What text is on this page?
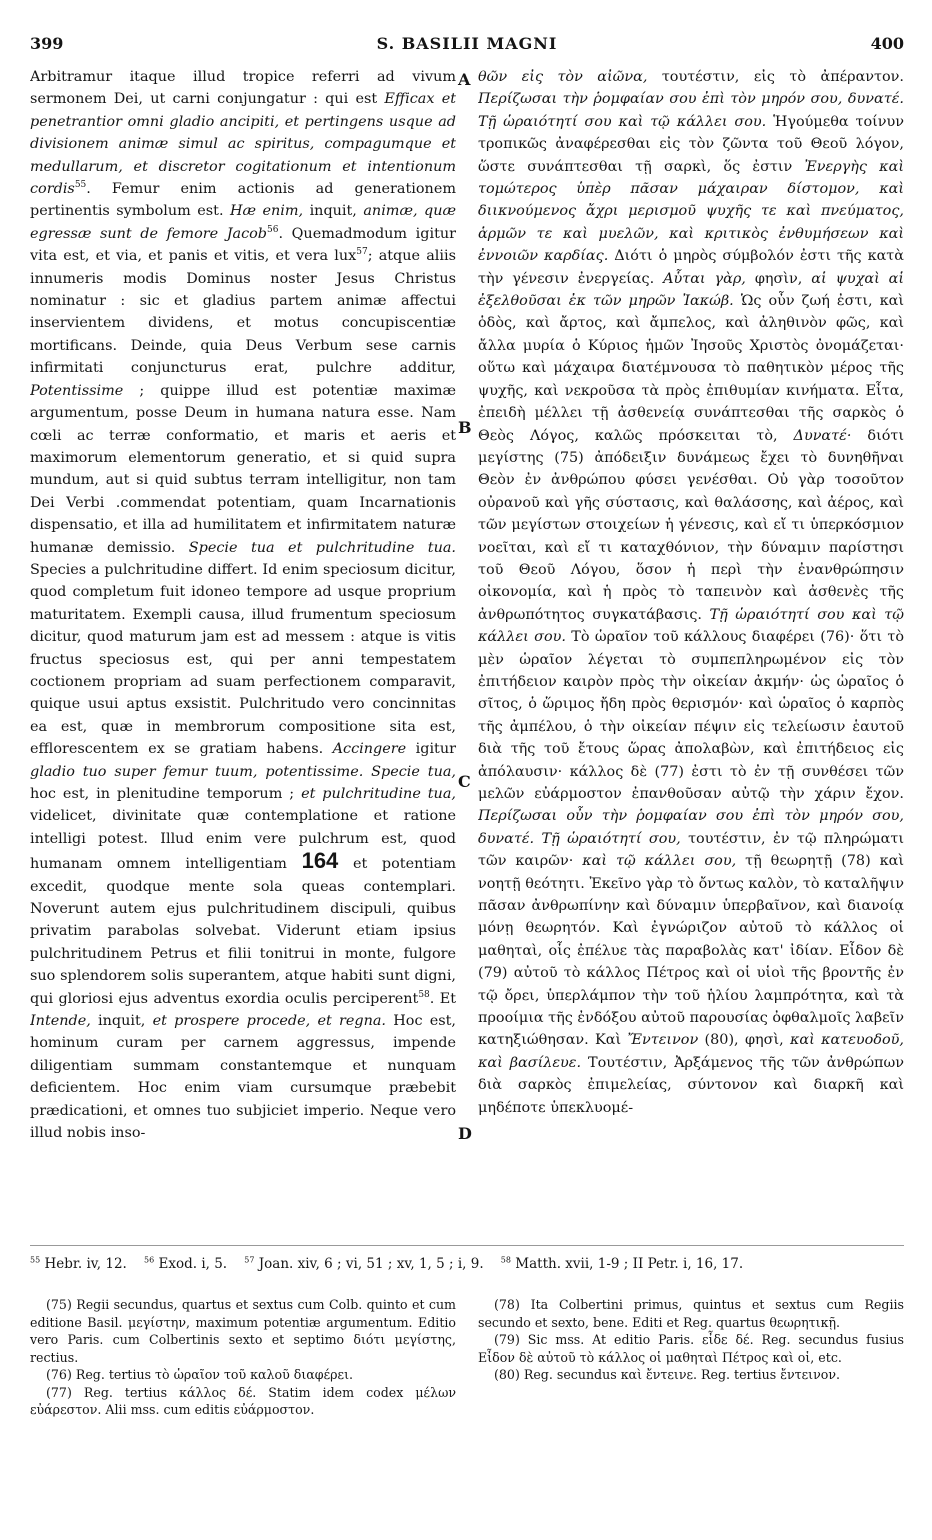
399	S. BASILII MAGNI	400

Arbitramur itaque illud tropice referri ad vivum sermonem Dei, ut carni conjungatur : qui est Efficax et penetrantior omni gladio ancipiti, et pertingens usque ad divisionem animæ simul ac spiritus, compagumque et medullarum, et discretor cogitationum et intentionum cordis$^{55}$. Femur enim actionis ad generationem pertinentis symbolum est. Hæ enim, inquit, animæ, quæ egressæ sunt de femore Jacob$^{56}$. Quemadmodum igitur vita est, et via, et panis et vitis, et vera lux$^{57}$; atque aliis innumeris modis Dominus noster Jesus Christus nominatur : sic et gladius partem animæ affectui inservientem dividens, et motus concupiscentiæ mortificans. Deinde, quia Deus Verbum sese carnis infirmitati conjuncturus erat, pulchre additur, Potentissime ; quippe illud est potentiæ maximæ argumentum, posse Deum in humana natura esse. Nam cœli ac terræ conformatio, et maris et aeris et maximorum elementorum generatio, et si quid supra mundum, aut si quid subtus terram intelligitur, non tam Dei Verbi .commendat potentiam, quam Incarnationis dispensatio, et illa ad humilitatem et infirmitatem naturæ humanæ demissio. Specie tua et pulchritudine tua. Species a pulchritudine differt. Id enim speciosum dicitur, quod completum fuit idoneo tempore ad usque proprium maturitatem. Exempli causa, illud frumentum speciosum dicitur, quod maturum jam est ad messem : atque is vitis fructus speciosus est, qui per anni tempestatem coctionem propriam ad suam perfectionem comparavit, quique usui aptus exsistit. Pulchritudo vero concinnitas ea est, quæ in membrorum compositione sita est, efflorescentem ex se gratiam habens. Accingere igitur gladio tuo super femur tuum, potentissime. Specie tua, hoc est, in plenitudine temporum ; et pulchritudine tua, videlicet, divinitate quæ contemplatione et ratione intelligi potest. Illud enim vere pulchrum est, quod humanam omnem intelligentiam 164 et potentiam excedit, quodque mente sola queas contemplari. Noverunt autem ejus pulchritudinem discipuli, quibus privatim parabolas solvebat. Viderunt etiam ipsius pulchritudinem Petrus et filii tonitrui in monte, fulgore suo splendorem solis superantem, atque habiti sunt digni, qui gloriosi ejus adventus exordia oculis perciperent$^{58}$. Et Intende, inquit, et prospere procede, et regna. Hoc est, hominum curam per carnem aggressus, impende diligentiam summam constantemque et nunquam deficientem. Hoc enim viam cursumque præbebit prædicationi, et omnes tuo subjiciet imperio. Neque vero illud nobis inso-

A
B
C
D

θῶν εἰς τὸν αἰῶνα, τουτέστιν, εἰς τὸ ἀπέραντον. Περίζωσαι τὴν ῥομφαίαν σου ἐπὶ τὸν μηρόν σου, δυνατέ. Τῇ ὡραιότητί σου καὶ τῷ κάλλει σου. Ἡγούμεθα τοίνυν τροπικῶς ἀναφέρεσθαι εἰς τὸν ζῶντα τοῦ Θεοῦ λόγον, ὥστε συνάπτεσθαι τῇ σαρκὶ, ὅς ἐστιν Ἐνεργὴς καὶ τομώτερος ὑπὲρ πᾶσαν μάχαιραν δίστομον, καὶ διικνούμενος ἄχρι μερισμοῦ ψυχῆς τε καὶ πνεύματος, ἁρμῶν τε καὶ μυελῶν, καὶ κριτικὸς ἐνθυμήσεων καὶ ἐννοιῶν καρδίας. Διότι ὁ μηρὸς σύμβολόν ἐστι τῆς κατὰ τὴν γένεσιν ἐνεργείας. Αὗται γὰρ, φησὶν, αἱ ψυχαὶ αἱ ἐξελθοῦσαι ἐκ τῶν μηρῶν Ἰακώβ. Ὡς οὖν ζωή ἐστι, καὶ ὁδὸς, καὶ ἄρτος, καὶ ἄμπελος, καὶ ἀληθινὸν φῶς, καὶ ἄλλα μυρία ὁ Κύριος ἡμῶν Ἰησοῦς Χριστὸς ὀνομάζεται· οὕτω καὶ μάχαιρα διατέμνουσα τὸ παθητικὸν μέρος τῆς ψυχῆς, καὶ νεκροῦσα τὰ πρὸς ἐπιθυμίαν κινήματα. Εἶτα, ἐπειδὴ μέλλει τῇ ἀσθενείᾳ συνάπτεσθαι τῆς σαρκὸς ὁ Θεὸς Λόγος, καλῶς πρόσκειται τὸ, Δυνατέ· διότι μεγίστης (75) ἀπόδειξιν δυνάμεως ἔχει τὸ δυνηθῆναι Θεὸν ἐν ἀνθρώπου φύσει γενέσθαι. Οὐ γὰρ τοσοῦτον οὐρανοῦ καὶ γῆς σύστασις, καὶ θαλάσσης, καὶ ἀέρος, καὶ τῶν μεγίστων στοιχείων ἡ γένεσις, καὶ εἴ τι ὑπερκόσμιον νοεῖται, καὶ εἴ τι καταχθόνιον, τὴν δύναμιν παρίστησι τοῦ Θεοῦ Λόγου, ὅσον ἡ περὶ τὴν ἐνανθρώπησιν οἰκονομία, καὶ ἡ πρὸς τὸ ταπεινὸν καὶ ἀσθενὲς τῆς ἀνθρωπότητος συγκατάβασις. Τῇ ὡραιότητί σου καὶ τῷ κάλλει σου. Τὸ ὡραῖον τοῦ κάλλους διαφέρει (76)· ὅτι τὸ μὲν ὡραῖον λέγεται τὸ συμπεπληρωμένον εἰς τὸν ἐπιτήδειον καιρὸν πρὸς τὴν οἰκείαν ἀκμήν· ὡς ὡραῖος ὁ σῖτος, ὁ ὥριμος ἤδη πρὸς θερισμόν· καὶ ὡραῖος ὁ καρπὸς τῆς ἀμπέλου, ὁ τὴν οἰκείαν πέψιν εἰς τελείωσιν ἑαυτοῦ διὰ τῆς τοῦ ἔτους ὥρας ἀπολαβὼν, καὶ ἐπιτήδειος εἰς ἀπόλαυσιν· κάλλος δὲ (77) ἐστι τὸ ἐν τῇ συνθέσει τῶν μελῶν εὐάρμοστον ἐπανθοῦσαν αὐτῷ τὴν χάριν ἔχον. Περίζωσαι οὖν τὴν ῥομφαίαν σου ἐπὶ τὸν μηρόν σου, δυνατέ. Τῇ ὡραιότητί σου, τουτέστιν, ἐν τῷ πληρώματι τῶν καιρῶν· καὶ τῷ κάλλει σου, τῇ θεωρητῇ (78) καὶ νοητῇ θεότητι. Ἐκεῖνο γὰρ τὸ ὄντως καλὸν, τὸ καταλῆψιν πᾶσαν ἀνθρωπίνην καὶ δύναμιν ὑπερβαῖνον, καὶ διανοίᾳ μόνῃ θεωρητόν. Καὶ ἐγνώριζον αὐτοῦ τὸ κάλλος οἱ μαθηταὶ, οἷς ἐπέλυε τὰς παραβολὰς κατ' ἰδίαν. Εἶδον δὲ (79) αὐτοῦ τὸ κάλλος Πέτρος καὶ οἱ υἱοὶ τῆς βροντῆς ἐν τῷ ὄρει, ὑπερλάμπον τὴν τοῦ ἡλίου λαμπρότητα, καὶ τὰ προοίμια τῆς ἐνδόξου αὐτοῦ παρουσίας ὀφθαλμοῖς λαβεῖν κατηξιώθησαν. Καὶ Ἔντεινον (80), φησὶ, καὶ κατευοδοῦ, καὶ βασίλευε. Τουτέστιν, Ἀρξάμενος τῆς τῶν ἀνθρώπων διὰ σαρκὸς ἐπιμελείας, σύντονον καὶ διαρκῆ καὶ μηδέποτε ὑπεκλυομέ-

$^{55}$ Hebr. iv, 12. $^{56}$ Exod. i, 5. $^{57}$ Joan. xiv, 6 ; vi, 51 ; xv, 1, 5 ; i, 9. $^{58}$ Matth. xvii, 1-9 ; II Petr. i, 16, 17.

(75) Regii secundus, quartus et sextus cum Colb. quinto et cum editione Basil. μεγίστην, maximum potentiæ argumentum. Editio vero Paris. cum Colbertinis sexto et septimo διότι μεγίστης, rectius.

(76) Reg. tertius τὸ ὡραῖον τοῦ καλοῦ διαφέρει.

(77) Reg. tertius κάλλος δέ. Statim idem codex μέλων εὐάρεστον. Alii mss. cum editis εὐάρμοστον.

(78) Ita Colbertini primus, quintus et sextus cum Regiis secundo et sexto, bene. Editi et Reg. quartus θεωρητικῇ.

(79) Sic mss. At editio Paris. εἶδε δέ. Reg. secundus fusius Εἶδον δὲ αὐτοῦ τὸ κάλλος οἱ μαθηταὶ Πέτρος καὶ οἱ, etc.

(80) Reg. secundus καὶ ἔντεινε. Reg. tertius ἔντεινον.
